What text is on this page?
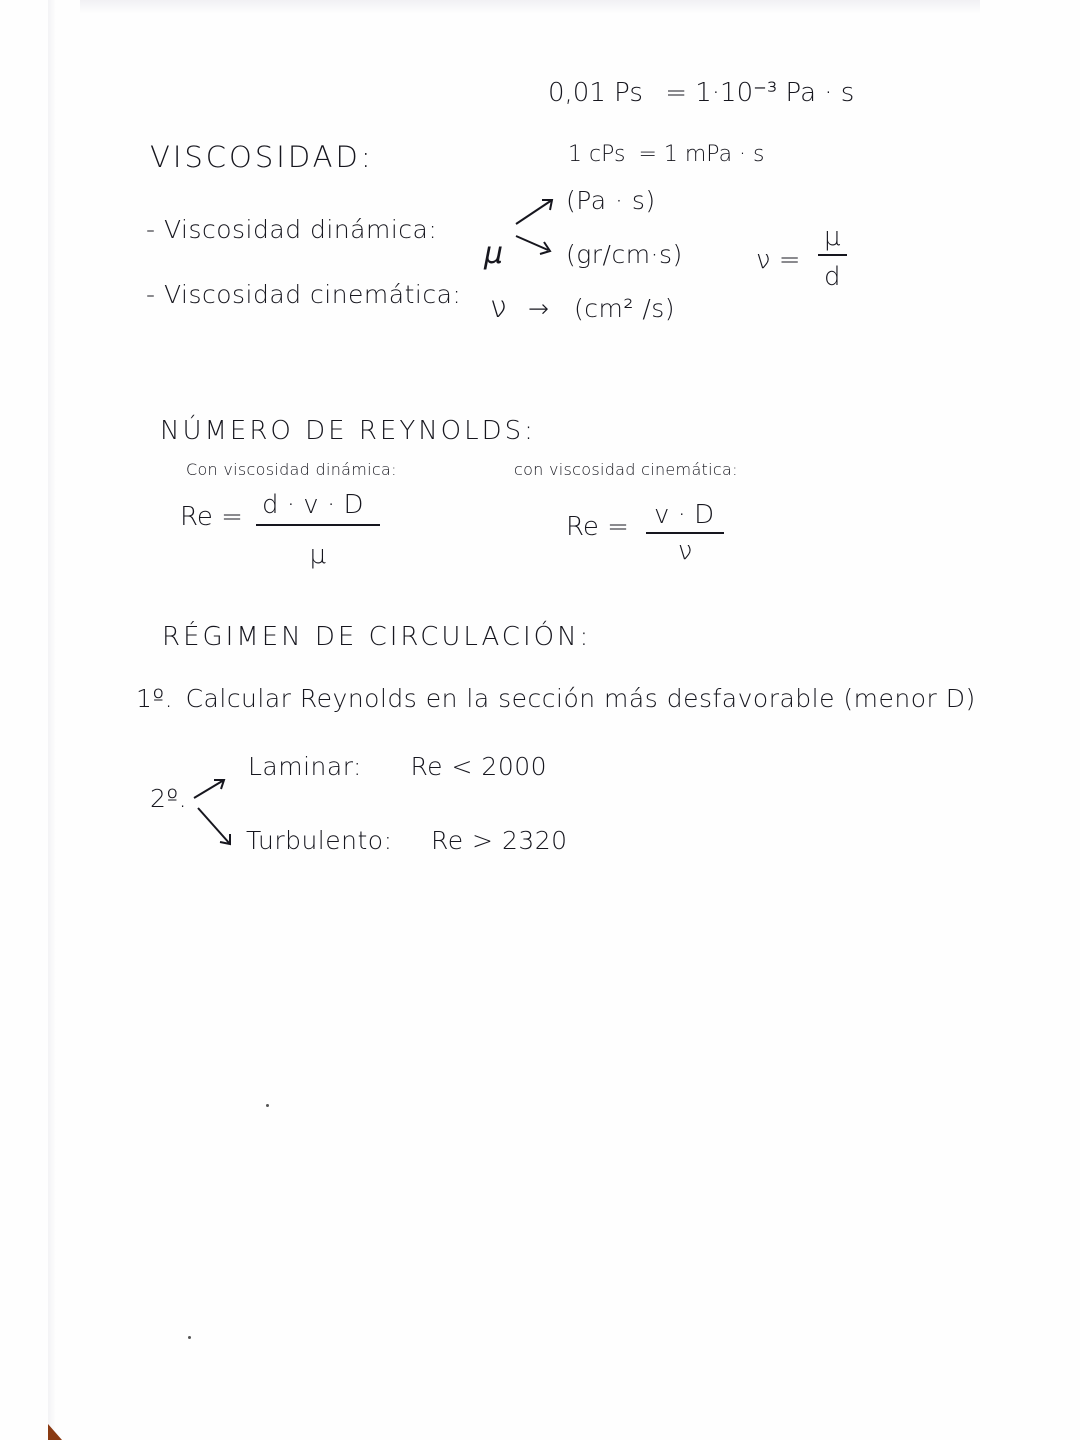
0,01 Ps = 1·10⁻³ Pa · s
1 cPs = 1 mPa · s
VISCOSIDAD:
- Viscosidad dinámica:
μ
(Pa · s)
(gr/cm·s)
- Viscosidad cinemática: ν → (cm² /s)
ν =
μ
d
NÚMERO DE REYNOLDS:
Con viscosidad dinámica:
Re = d · v · D
μ
con viscosidad cinemática:
Re = v · D
ν
RÉGIMEN DE CIRCULACIÓN:
1º. Calcular Reynolds en la sección más desfavorable (menor D)
2º.
Laminar: Re < 2000
Turbulento: Re > 2320
